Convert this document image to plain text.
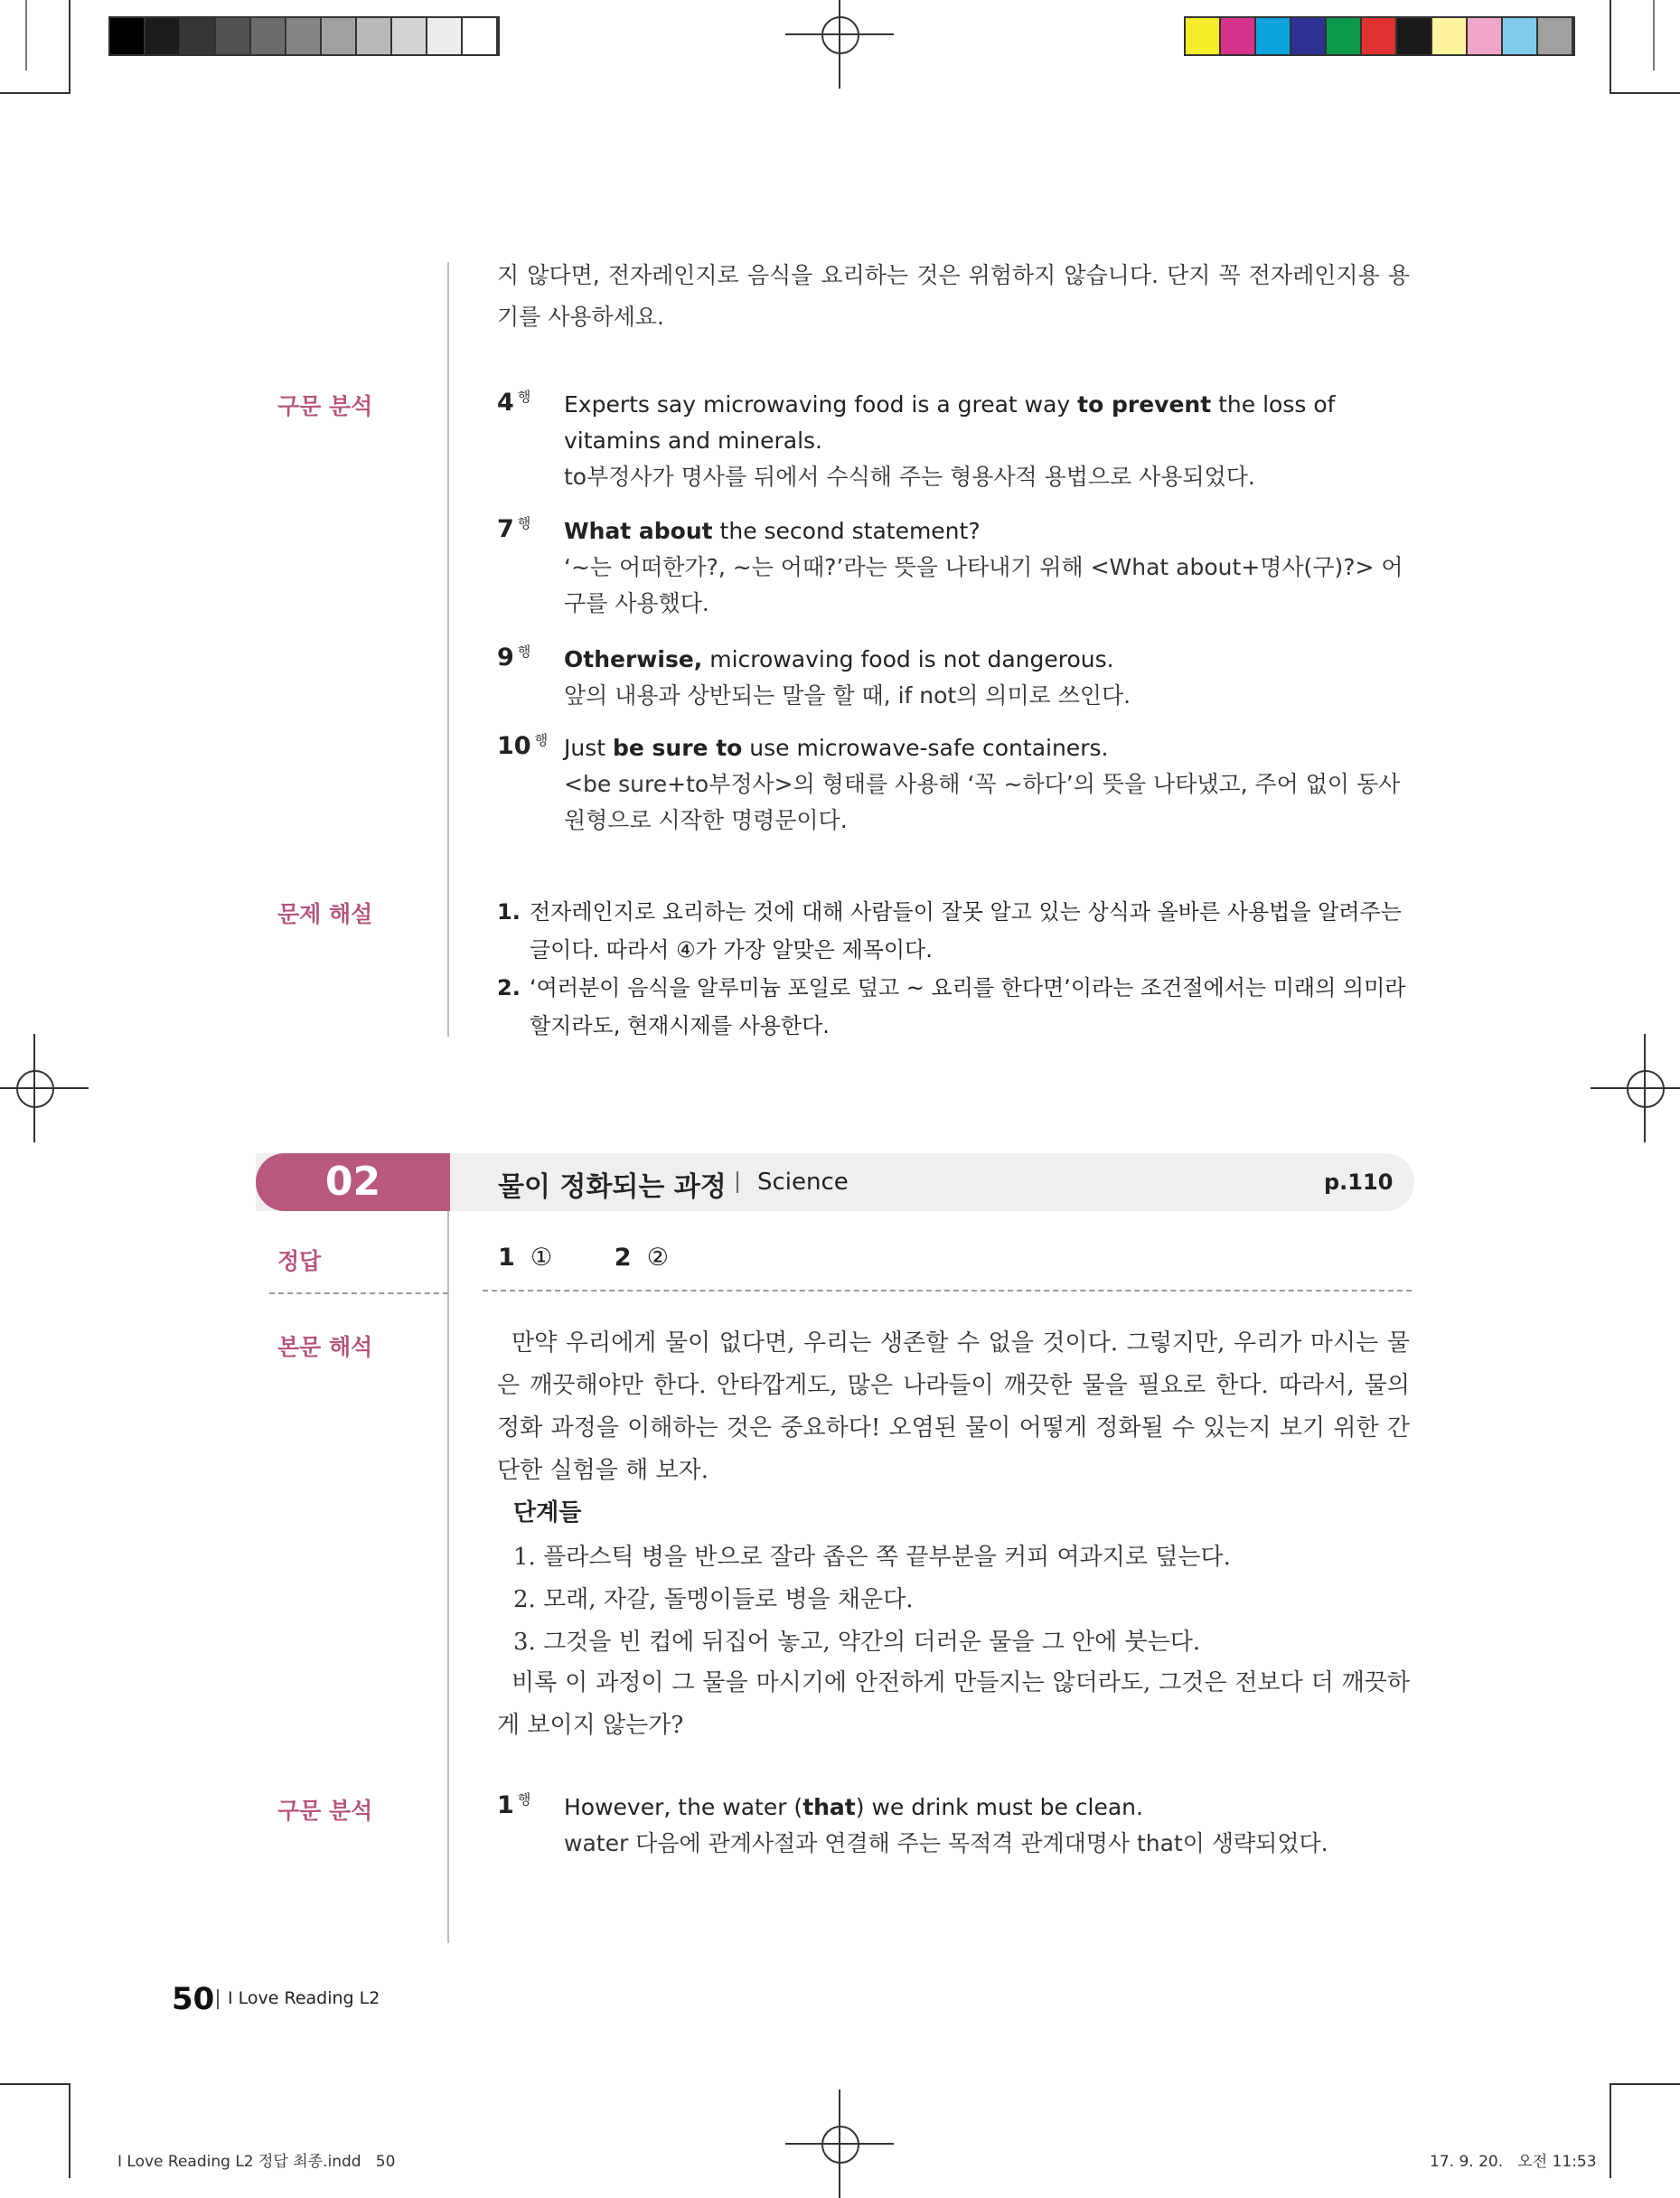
지 않다면, 전자레인지로 음식을 요리하는 것은 위험하지 않습니다. 단지 꼭 전자레인지용 용기를 사용하세요.
구문 분석	4 $^행$ Experts say microwaving food is a great way to prevent the loss of vitamins and minerals.
to부정사가 명사를 뒤에서 수식해 주는 형용사적 용법으로 사용되었다.
7 $^행$ What about the second statement?
‘~는 어떠한가?, ~는 어때?’라는 뜻을 나타내기 위해 <What about+명사(구)?> 어구를 사용했다.
9 $^행$ Otherwise, microwaving food is not dangerous.
앞의 내용과 상반되는 말을 할 때, if not의 의미로 쓰인다.
10 $^행$ Just be sure to use microwave-safe containers.
<be sure+to부정사>의 형태를 사용해 ‘꼭 ~하다’의 뜻을 나타냈고, 주어 없이 동사원형으로 시작한 명령문이다.
문제 해설	1. 전자레인지로 요리하는 것에 대해 사람들이 잘못 알고 있는 상식과 올바른 사용법을 알려주는 글이다. 따라서 ④가 가장 알맞은 제목이다.
2. ‘여러분이 음식을 알루미늄 포일로 덮고 ~ 요리를 한다면’이라는 조건절에서는 미래의 의미라 할지라도, 현재시제를 사용한다.
02	물이 정화되는 과정 Science	p.110
정답	1 ①	2 ②
본문 해석	만약 우리에게 물이 없다면, 우리는 생존할 수 없을 것이다. 그렇지만, 우리가 마시는 물은 깨끗해야만 한다. 안타깝게도, 많은 나라들이 깨끗한 물을 필요로 한다. 따라서, 물의 정화 과정을 이해하는 것은 중요하다! 오염된 물이 어떻게 정화될 수 있는지 보기 위한 간단한 실험을 해 보자.
단계들
1. 플라스틱 병을 반으로 잘라 좁은 쪽 끝부분을 커피 여과지로 덮는다.
2. 모래, 자갈, 돌멩이들로 병을 채운다.
3. 그것을 빈 컵에 뒤집어 놓고, 약간의 더러운 물을 그 안에 붓는다.
비록 이 과정이 그 물을 마시기에 안전하게 만들지는 않더라도, 그것은 전보다 더 깨끗하게 보이지 않는가?
구문 분석	1 $^행$ However, the water (that) we drink must be clean.
water 다음에 관계사절과 연결해 주는 목적격 관계대명사 that이 생략되었다.
50 I Love Reading L2
I Love Reading L2 정답 최종.indd   50	17. 9. 20.   오전 11:53
